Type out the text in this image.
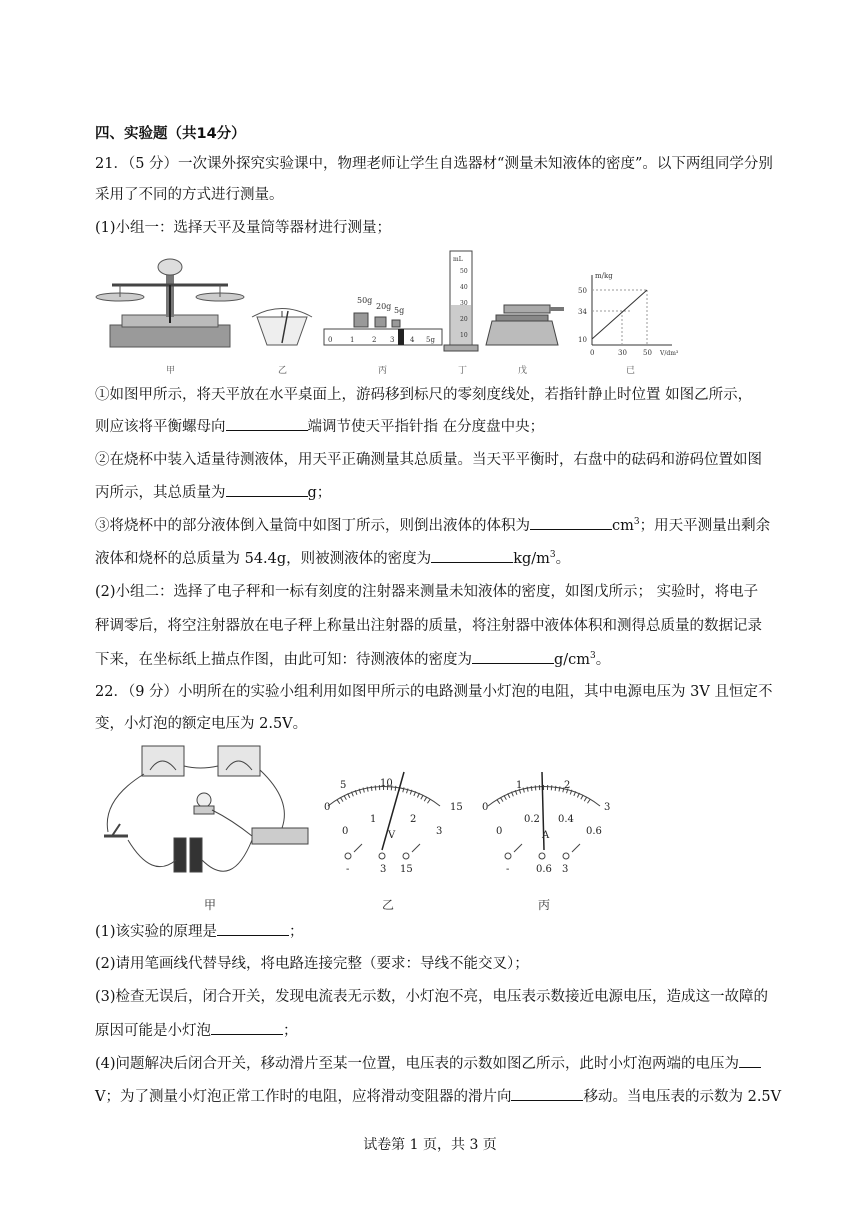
四、实验题（共14分）
21．（5 分）一次课外探究实验课中，物理老师让学生自选器材“测量未知液体的密度”。以下两组同学分别
采用了不同的方式进行测量。
(1)小组一：选择天平及量筒等器材进行测量；
50g
20g 5g
0	1	2 3 4 5g
mL
50
40
30
20
10
m/kg
V/dm³
50
34
10
0	30 50
甲	乙	丙	丁	戊	已
①如图甲所示，将天平放在水平桌面上，游码移到标尺的零刻度线处，若指针静止时位置 如图乙所示，
则应该将平衡螺母向	端调节使天平指针指 在分度盘中央；
②在烧杯中装入适量待测液体，用天平正确测量其总质量。当天平平衡时，右盘中的砝码和游码位置如图
丙所示，其总质量为	g；
③将烧杯中的部分液体倒入量筒中如图丁所示，则倒出液体的体积为	$cm^3$；用天平测量出剩余
液体和烧杯的总质量为 54.4g，则被测液体的密度为	$kg/m^3$。
(2)小组二：选择了电子秤和一标有刻度的注射器来测量未知液体的密度，如图戊所示； 实验时，将电子
秤调零后，将空注射器放在电子秤上称量出注射器的质量，将注射器中液体体积和测得总质量的数据记录
下来，在坐标纸上描点作图，由此可知：待测液体的密度为	$g/cm^3$。
22．（9 分）小明所在的实验小组利用如图甲所示的电路测量小灯泡的电阻，其中电源电压为 3V 且恒定不
变，小灯泡的额定电压为 2.5V。
5	10
15
0
0
1	2
3
V
-	3 15
1	2
3
0
0
0.2 0.4
0.6
A
-	0.6 3
甲	乙	丙
(1)该实验的原理是	；
(2)请用笔画线代替导线，将电路连接完整（要求：导线不能交叉）；
(3)检查无误后，闭合开关，发现电流表无示数，小灯泡不亮，电压表示数接近电源电压，造成这一故障的
原因可能是小灯泡	；
(4)问题解决后闭合开关，移动滑片至某一位置，电压表的示数如图乙所示，此时小灯泡两端的电压为
V；为了测量小灯泡正常工作时的电阻，应将滑动变阻器的滑片向	移动。当电压表的示数为 2.5V
试卷第 1 页，共 3 页
